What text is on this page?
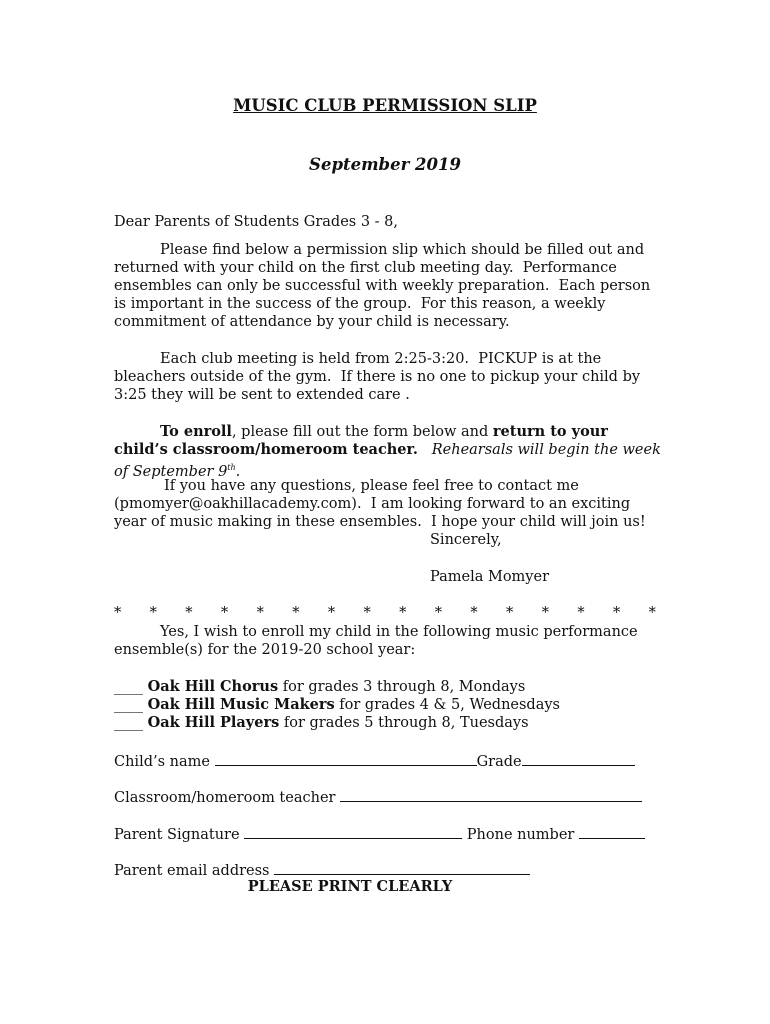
MUSIC CLUB PERMISSION SLIP
September 2019
Dear Parents of Students Grades 3 - 8,
Please find below a permission slip which should be filled out and
returned with your child on the first club meeting day.  Performance
ensembles can only be successful with weekly preparation.  Each person
is important in the success of the group.  For this reason, a weekly
commitment of attendance by your child is necessary.
Each club meeting is held from 2:25-3:20.  PICKUP is at the
bleachers outside of the gym.  If there is no one to pickup your child by
3:25 they will be sent to extended care .
To enroll, please fill out the form below and return to your
child’s classroom/homeroom teacher.   Rehearsals will begin the week
of September 9th.
If you have any questions, please feel free to contact me
(pmomyer@oakhillacademy.com).  I am looking forward to an exciting
year of music making in these ensembles.  I hope your child will join us!
Sincerely,
Pamela Momyer
* * * * * * * * * * * * * * * *
Yes, I wish to enroll my child in the following music performance
ensemble(s) for the 2019-20 school year:
____ Oak Hill Chorus for grades 3 through 8, Mondays
____ Oak Hill Music Makers for grades 4 & 5, Wednesdays
____ Oak Hill Players for grades 5 through 8, Tuesdays
Child’s name	Grade
Classroom/homeroom teacher
Parent Signature	Phone number
Parent email address
PLEASE PRINT CLEARLY
